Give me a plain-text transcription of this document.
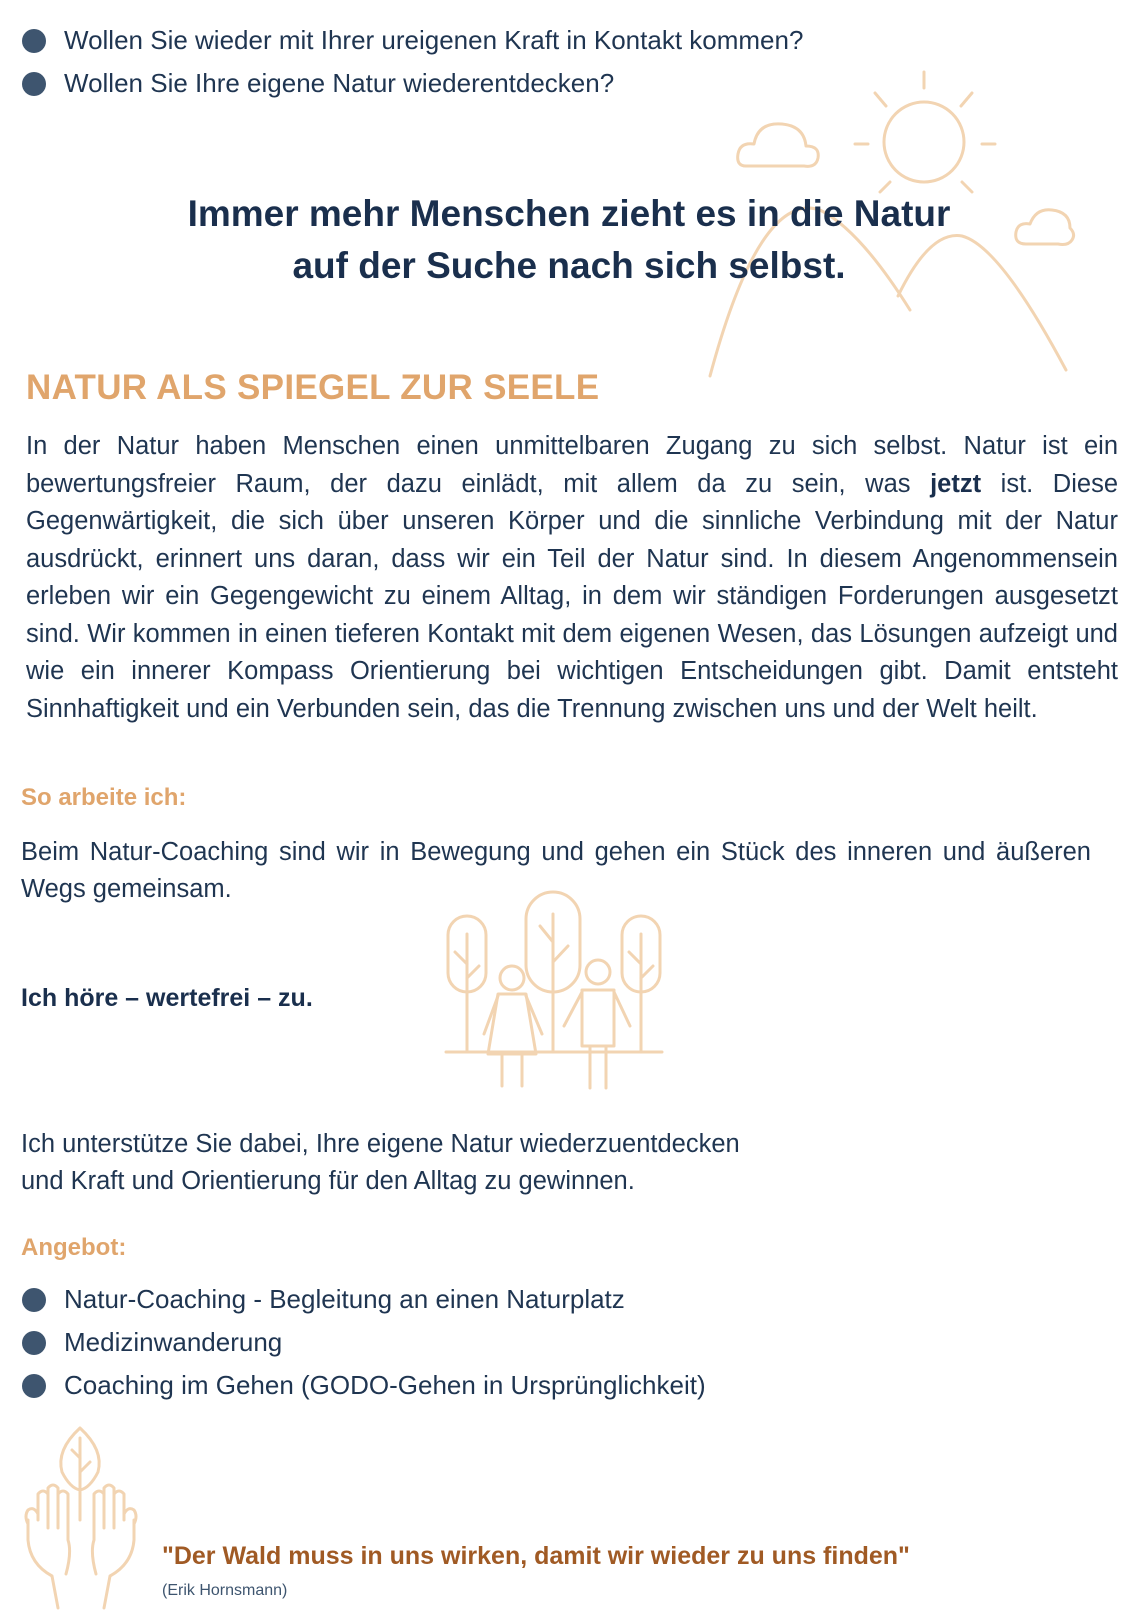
Wollen Sie wieder mit Ihrer ureigenen Kraft in Kontakt kommen?
Wollen Sie Ihre eigene Natur wiederentdecken?
Immer mehr Menschen zieht es in die Natur
auf der Suche nach sich selbst.
NATUR ALS SPIEGEL ZUR SEELE
In der Natur haben Menschen einen unmittelbaren Zugang zu sich selbst. Natur ist ein bewertungsfreier Raum, der dazu einlädt, mit allem da zu sein, was jetzt ist. Diese Gegenwärtigkeit, die sich über unseren Körper und die sinnliche Verbindung mit der Natur ausdrückt, erinnert uns daran, dass wir ein Teil der Natur sind. In diesem Angenommensein erleben wir ein Gegengewicht zu einem Alltag, in dem wir ständigen Forderungen ausgesetzt sind. Wir kommen in einen tieferen Kontakt mit dem eigenen Wesen, das Lösungen aufzeigt und wie ein innerer Kompass Orientierung bei wichtigen Entscheidungen gibt. Damit entsteht Sinnhaftigkeit und ein Verbunden sein, das die Trennung zwischen uns und der Welt heilt.
So arbeite ich:
Beim Natur-Coaching sind wir in Bewegung und gehen ein Stück des inneren und äußeren Wegs gemeinsam.
Ich höre – wertefrei – zu.
Ich unterstütze Sie dabei, Ihre eigene Natur wiederzuentdecken
und Kraft und Orientierung für den Alltag zu gewinnen.
Angebot:
Natur-Coaching - Begleitung an einen Naturplatz
Medizinwanderung
Coaching im Gehen (GODO-Gehen in Ursprünglichkeit)
"Der Wald muss in uns wirken, damit wir wieder zu uns finden"
(Erik Hornsmann)
